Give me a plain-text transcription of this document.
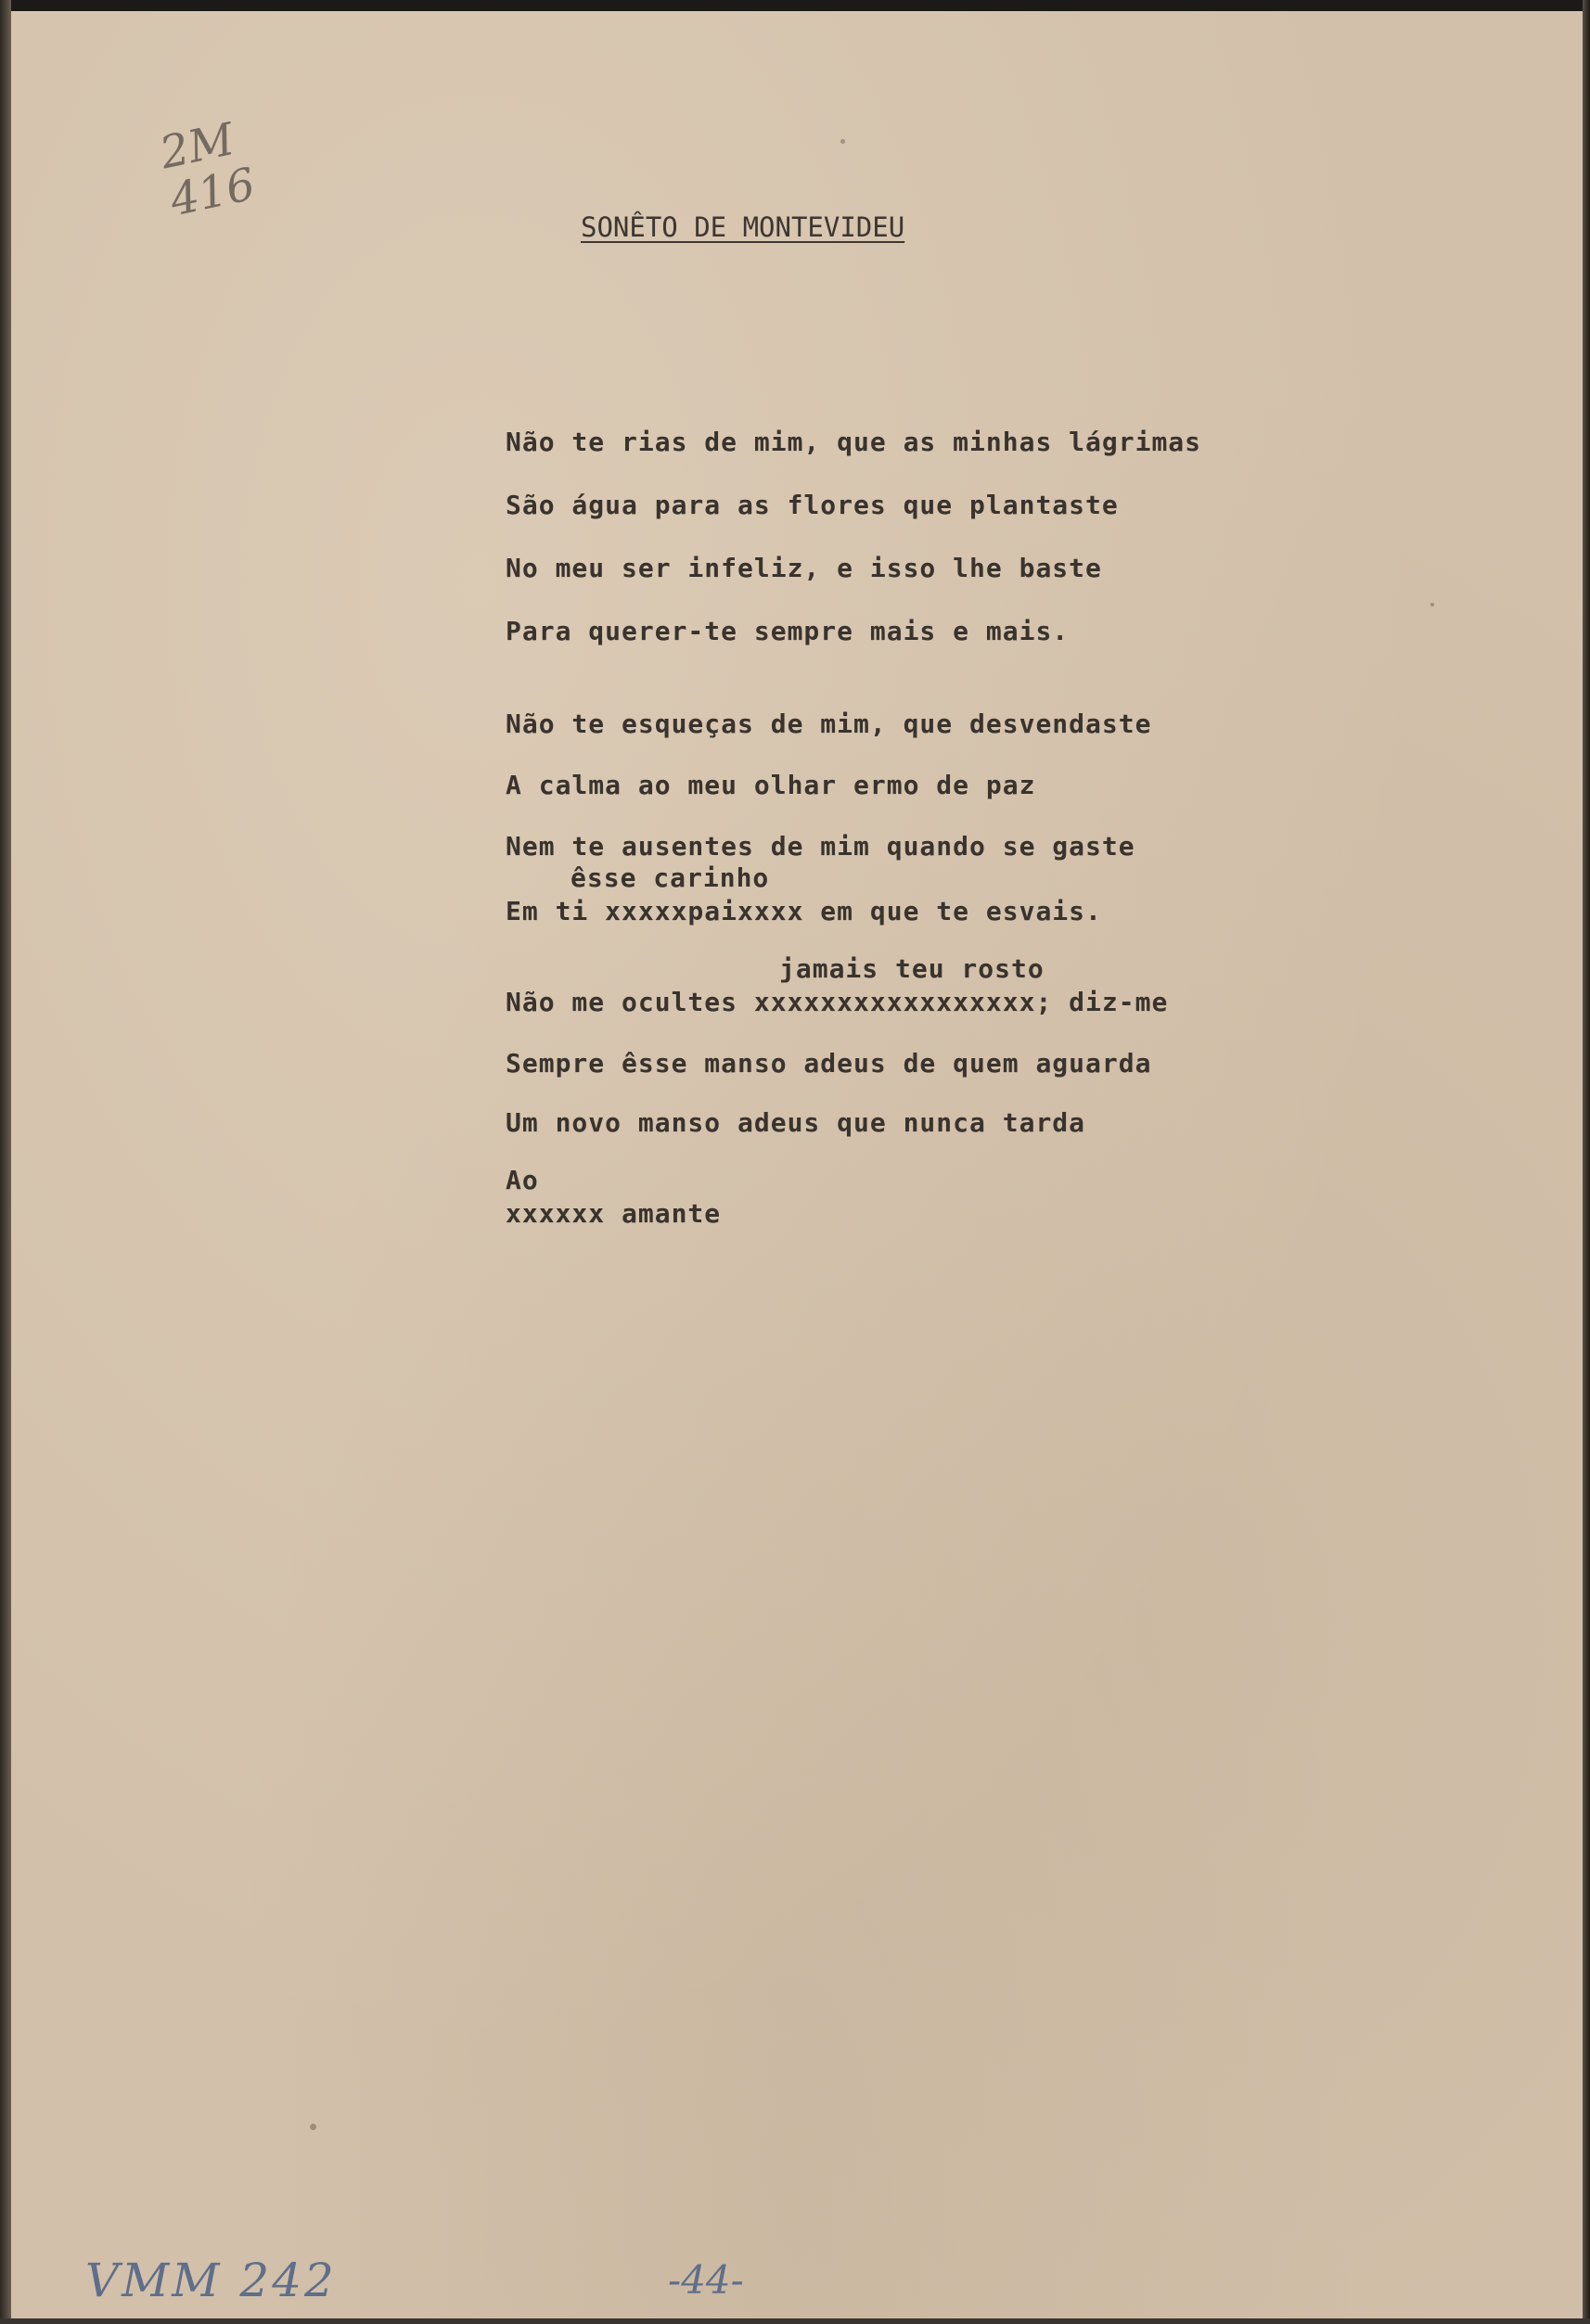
2M
416
SONÊTO DE MONTEVIDEU
Não te rias de mim, que as minhas lágrimas
São água para as flores que plantaste
No meu ser infeliz, e isso lhe baste
Para querer-te sempre mais e mais.
Não te esqueças de mim, que desvendaste
A calma ao meu olhar ermo de paz
Nem te ausentes de mim quando se gaste
êsse carinho
Em ti xxxxxpaixxxx em que te esvais.
jamais teu rosto
Não me ocultes xxxxxxxxxxxxxxxxx; diz-me
Sempre êsse manso adeus de quem aguarda
Um novo manso adeus que nunca tarda
Ao
xxxxxx amante
VMM 242	-44-
